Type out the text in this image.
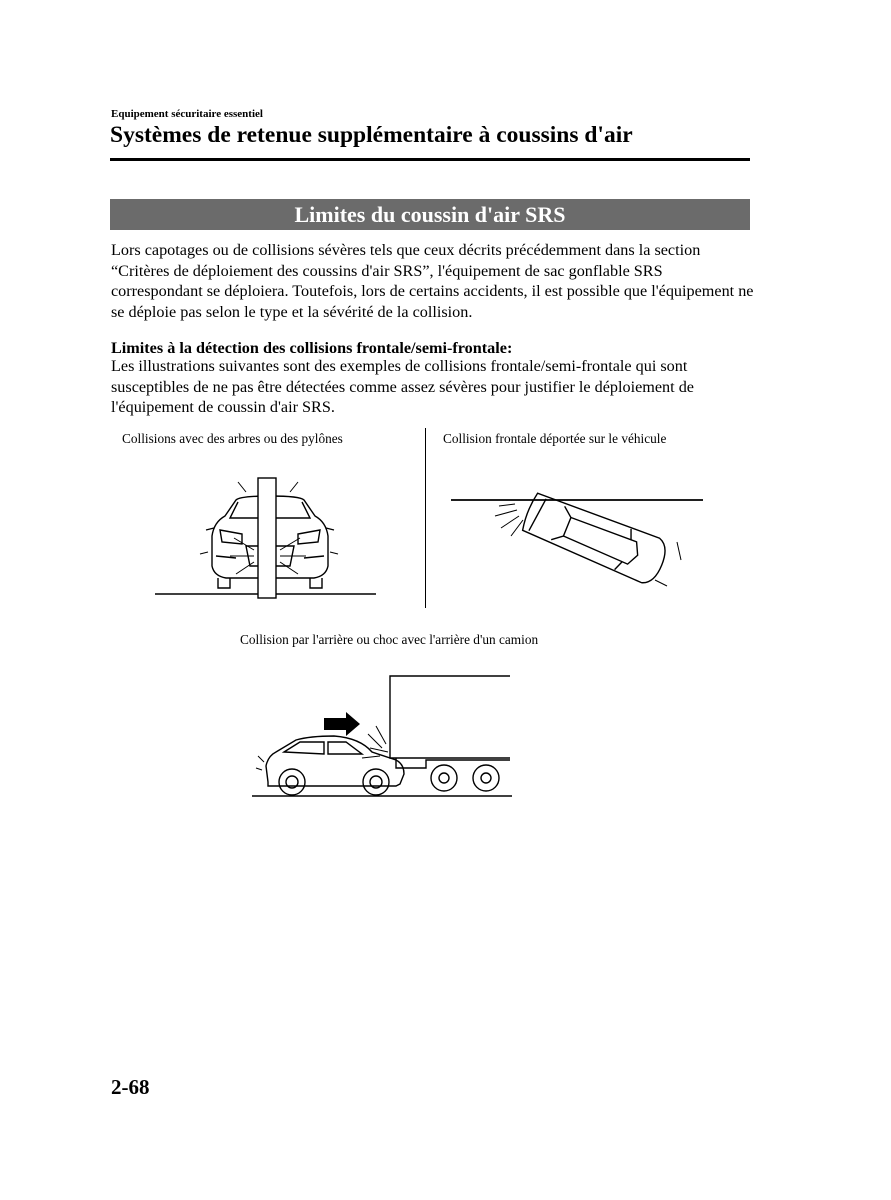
Equipement sécuritaire essentiel
Systèmes de retenue supplémentaire à coussins d'air
Limites du coussin d'air SRS
Lors capotages ou de collisions sévères tels que ceux décrits précédemment dans la section “Critères de déploiement des coussins d'air SRS”, l'équipement de sac gonflable SRS correspondant se déploiera. Toutefois, lors de certains accidents, il est possible que l'équipement ne se déploie pas selon le type et la sévérité de la collision.
Limites à la détection des collisions frontale/semi-frontale:
Les illustrations suivantes sont des exemples de collisions frontale/semi-frontale qui sont susceptibles de ne pas être détectées comme assez sévères pour justifier le déploiement de l'équipement de coussin d'air SRS.
Collisions avec des arbres ou des pylônes	Collision frontale déportée sur le véhicule
Collision par l'arrière ou choc avec l'arrière d'un camion
2-68
